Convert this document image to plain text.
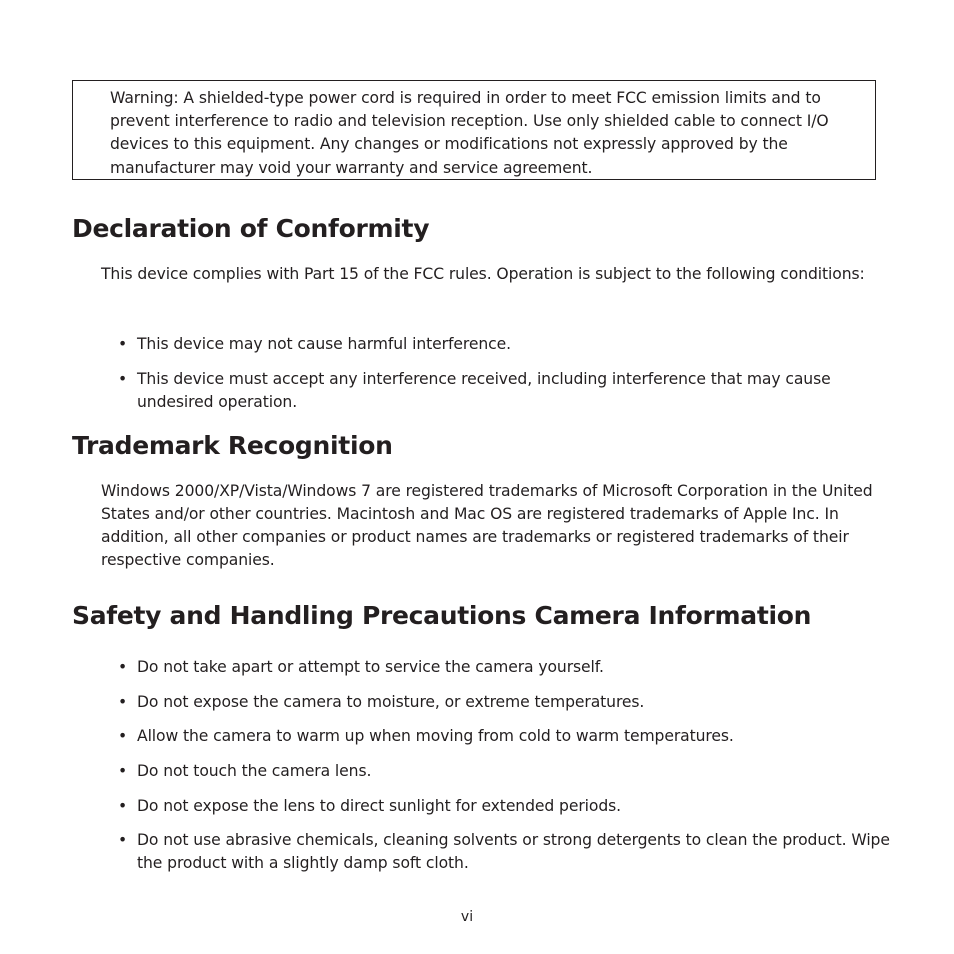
Warning: A shielded-type power cord is required in order to meet FCC emission limits and to prevent interference to radio and television reception. Use only shielded cable to connect I/O devices to this equipment. Any changes or modifications not expressly approved by the manufacturer may void your warranty and service agreement.

Declaration of Conformity

This device complies with Part 15 of the FCC rules. Operation is subject to the following conditions:

• This device may not cause harmful interference.
• This device must accept any interference received, including interference that may cause undesired operation.
Trademark Recognition

Windows 2000/XP/Vista/Windows 7 are registered trademarks of Microsoft Corporation in the United States and/or other countries. Macintosh and Mac OS are registered trademarks of Apple Inc. In addition, all other companies or product names are trademarks or registered trademarks of their respective companies.

Safety and Handling Precautions Camera Information
• Do not take apart or attempt to service the camera yourself.
• Do not expose the camera to moisture, or extreme temperatures.
• Allow the camera to warm up when moving from cold to warm temperatures.
• Do not touch the camera lens.
• Do not expose the lens to direct sunlight for extended periods.
• Do not use abrasive chemicals, cleaning solvents or strong detergents to clean the product. Wipe the product with a slightly damp soft cloth.
vi
